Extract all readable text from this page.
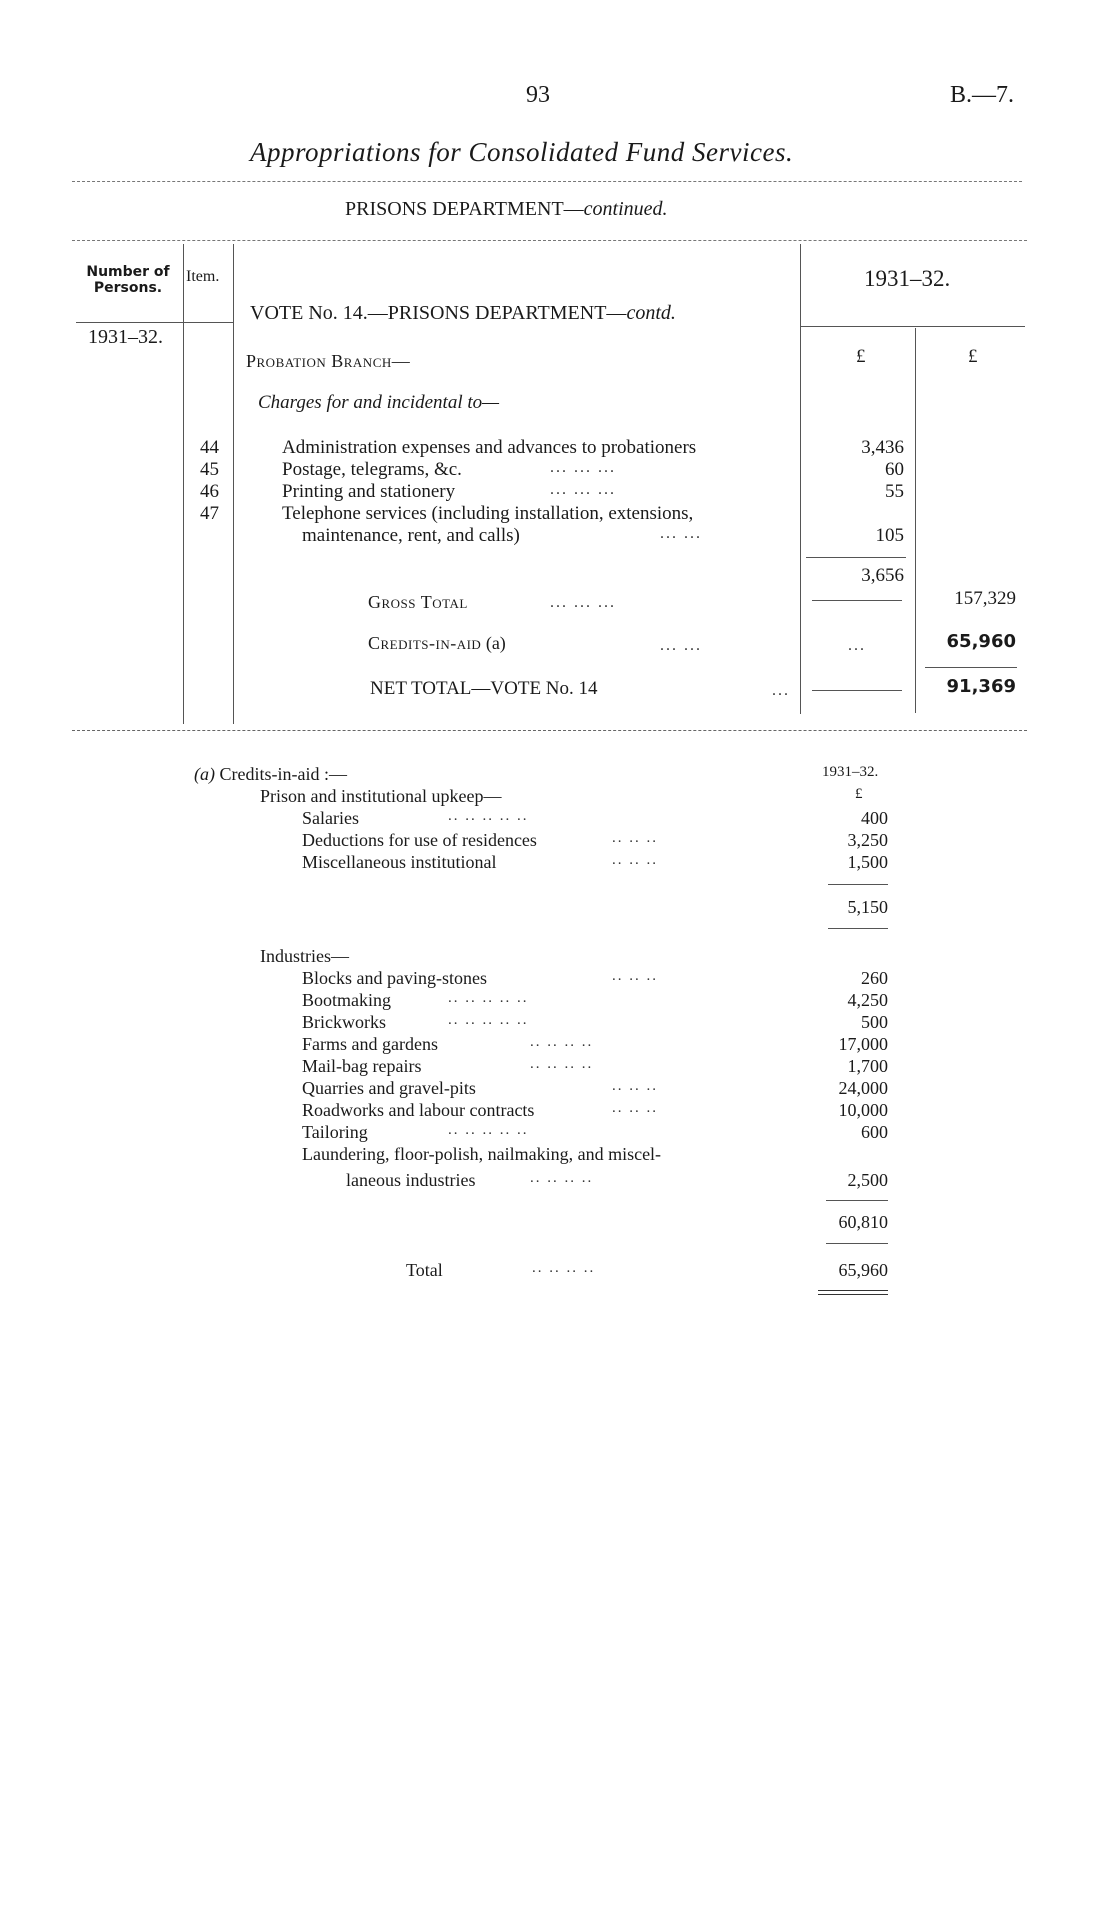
93	B.—7.
Appropriations for Consolidated Fund Services.
PRISONS DEPARTMENT—continued.
Number of Persons.
Item.	1931–32.
VOTE No. 14.—PRISONS DEPARTMENT—contd.
1931–32.
£	£
Probation Branch—
Charges for and incidental to—
44	Administration expenses and advances to probationers	3,436
45	Postage, telegrams, &c.	... ... ...	60
46	Printing and stationery	... ... ...	55
47	Telephone services (including installation, extensions,
maintenance, rent, and calls)	... ...	105
3,656
Gross Total	... ... ...	157,329
Credits-in-aid (a)	... ...	...	65,960
NET TOTAL—VOTE No. 14	...	91,369
(a) Credits-in-aid :—	1931–32.
£
Prison and institutional upkeep—
Salaries	.. .. .. .. ..	400
Deductions for use of residences	.. .. ..	3,250
Miscellaneous institutional	.. .. ..	1,500
5,150
Industries—
Blocks and paving-stones	.. .. ..	260
Bootmaking	.. .. .. .. ..	4,250
Brickworks	.. .. .. .. ..	500
Farms and gardens	.. .. .. ..	17,000
Mail-bag repairs	.. .. .. ..	1,700
Quarries and gravel-pits	.. .. ..	24,000
Roadworks and labour contracts	.. .. ..	10,000
Tailoring	.. .. .. .. ..	600
Laundering, floor-polish, nailmaking, and miscel-
laneous industries	.. .. .. ..	2,500
60,810
Total	.. .. .. ..	65,960
